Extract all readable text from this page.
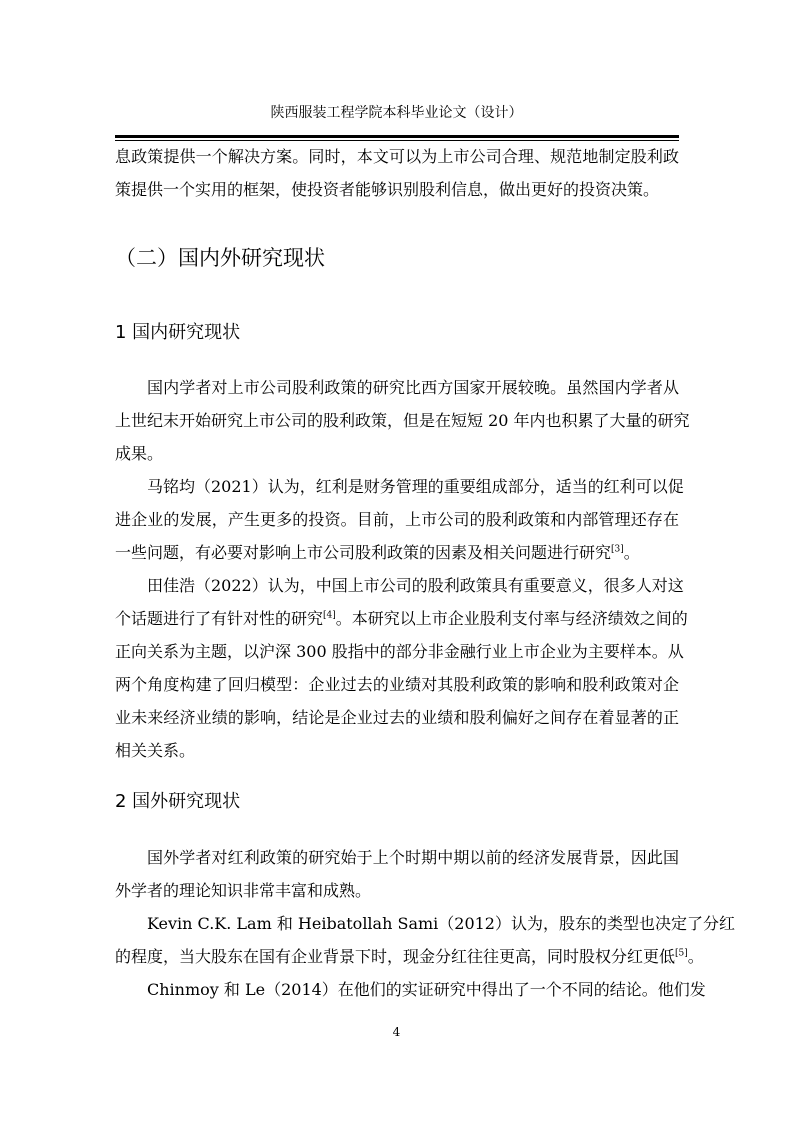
陕西服装工程学院本科毕业论文（设计）
息政策提供一个解决方案。同时，本文可以为上市公司合理、规范地制定股利政
策提供一个实用的框架，使投资者能够识别股利信息，做出更好的投资决策。
（二）国内外研究现状
1 国内研究现状
国内学者对上市公司股利政策的研究比西方国家开展较晚。虽然国内学者从
上世纪末开始研究上市公司的股利政策，但是在短短 20 年内也积累了大量的研究
成果。
马铭均（2021）认为，红利是财务管理的重要组成部分，适当的红利可以促
进企业的发展，产生更多的投资。目前，上市公司的股利政策和内部管理还存在
一些问题，有必要对影响上市公司股利政策的因素及相关问题进行研究[3]。
田佳浩（2022）认为，中国上市公司的股利政策具有重要意义，很多人对这
个话题进行了有针对性的研究[4]。本研究以上市企业股利支付率与经济绩效之间的
正向关系为主题，以沪深 300 股指中的部分非金融行业上市企业为主要样本。从
两个角度构建了回归模型：企业过去的业绩对其股利政策的影响和股利政策对企
业未来经济业绩的影响，结论是企业过去的业绩和股利偏好之间存在着显著的正
相关关系。
2 国外研究现状
国外学者对红利政策的研究始于上个时期中期以前的经济发展背景，因此国
外学者的理论知识非常丰富和成熟。
Kevin C.K. Lam 和 Heibatollah Sami（2012）认为，股东的类型也决定了分红
的程度，当大股东在国有企业背景下时，现金分红往往更高，同时股权分红更低[5]。
Chinmoy 和 Le（2014）在他们的实证研究中得出了一个不同的结论。他们发
4
